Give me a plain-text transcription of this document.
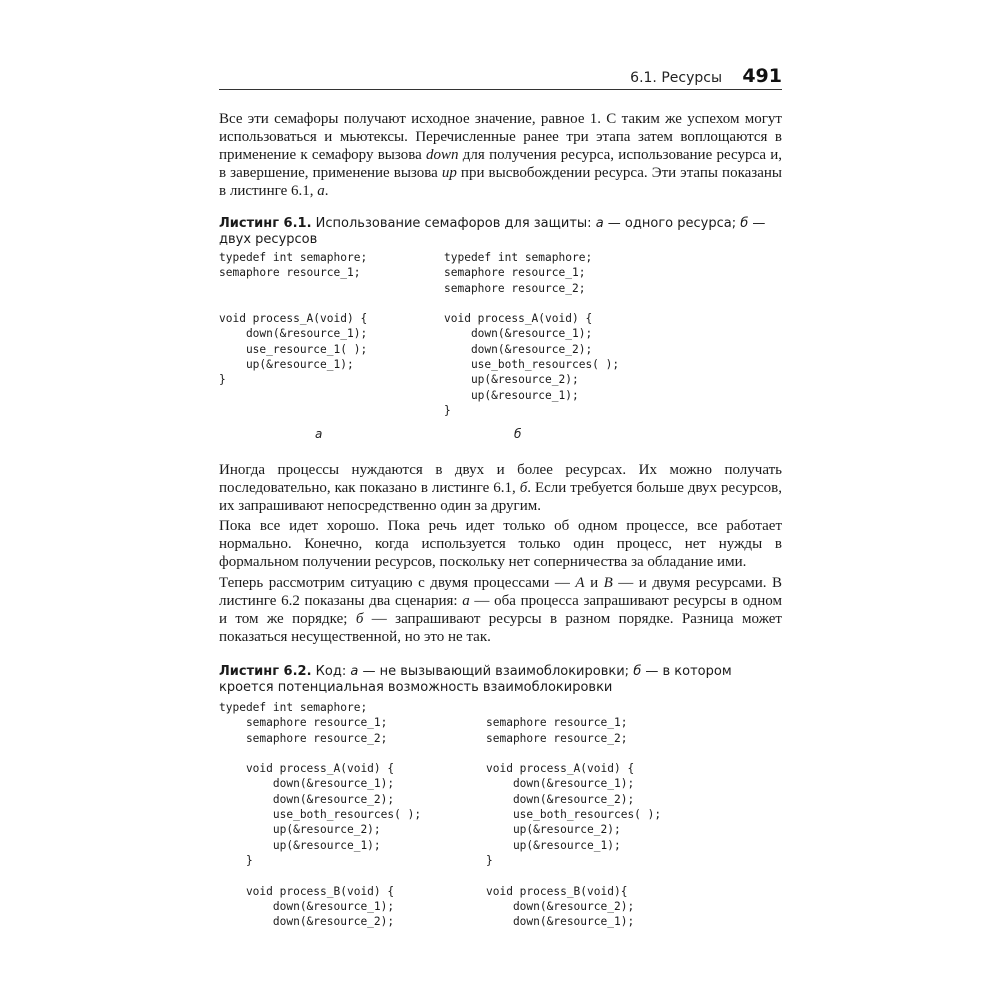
6.1. Ресурсы 491
Все эти семафоры получают исходное значение, равное 1. С таким же успехом могут использоваться и мьютексы. Перечисленные ранее три этапа затем воплощаются в применение к семафору вызова down для получения ресурса, использование ресурса и, в завершение, применение вызова up при высвобождении ресурса. Эти этапы показаны в листинге 6.1, а.
Листинг 6.1. Использование семафоров для защиты: а — одного ресурса; б — двух ресурсов
typedef int semaphore;
semaphore resource_1;

void process_A(void) {
down(&resource_1);
use_resource_1( );
up(&resource_1);
}
typedef int semaphore;
semaphore resource_1;
semaphore resource_2;

void process_A(void) {
down(&resource_1);
down(&resource_2);
use_both_resources( );
up(&resource_2);
up(&resource_1);
}
а	б
Иногда процессы нуждаются в двух и более ресурсах. Их можно получать последовательно, как показано в листинге 6.1, б. Если требуется больше двух ресурсов, их запрашивают непосредственно один за другим.
Пока все идет хорошо. Пока речь идет только об одном процессе, все работает нормально. Конечно, когда используется только один процесс, нет нужды в формальном получении ресурсов, поскольку нет соперничества за обладание ими.
Теперь рассмотрим ситуацию с двумя процессами — A и B — и двумя ресурсами. В листинге 6.2 показаны два сценария: а — оба процесса запрашивают ресурсы в одном и том же порядке; б — запрашивают ресурсы в разном порядке. Разница может показаться несущественной, но это не так.
Листинг 6.2. Код: а — не вызывающий взаимоблокировки; б — в котором кроется потенциальная возможность взаимоблокировки
typedef int semaphore;
semaphore resource_1;
semaphore resource_2;

void process_A(void) {
down(&resource_1);
down(&resource_2);
use_both_resources( );
up(&resource_2);
up(&resource_1);
}

void process_B(void) {
down(&resource_1);
down(&resource_2);

semaphore resource_1;
semaphore resource_2;

void process_A(void) {
down(&resource_1);
down(&resource_2);
use_both_resources( );
up(&resource_2);
up(&resource_1);
}

void process_B(void){
down(&resource_2);
down(&resource_1);
